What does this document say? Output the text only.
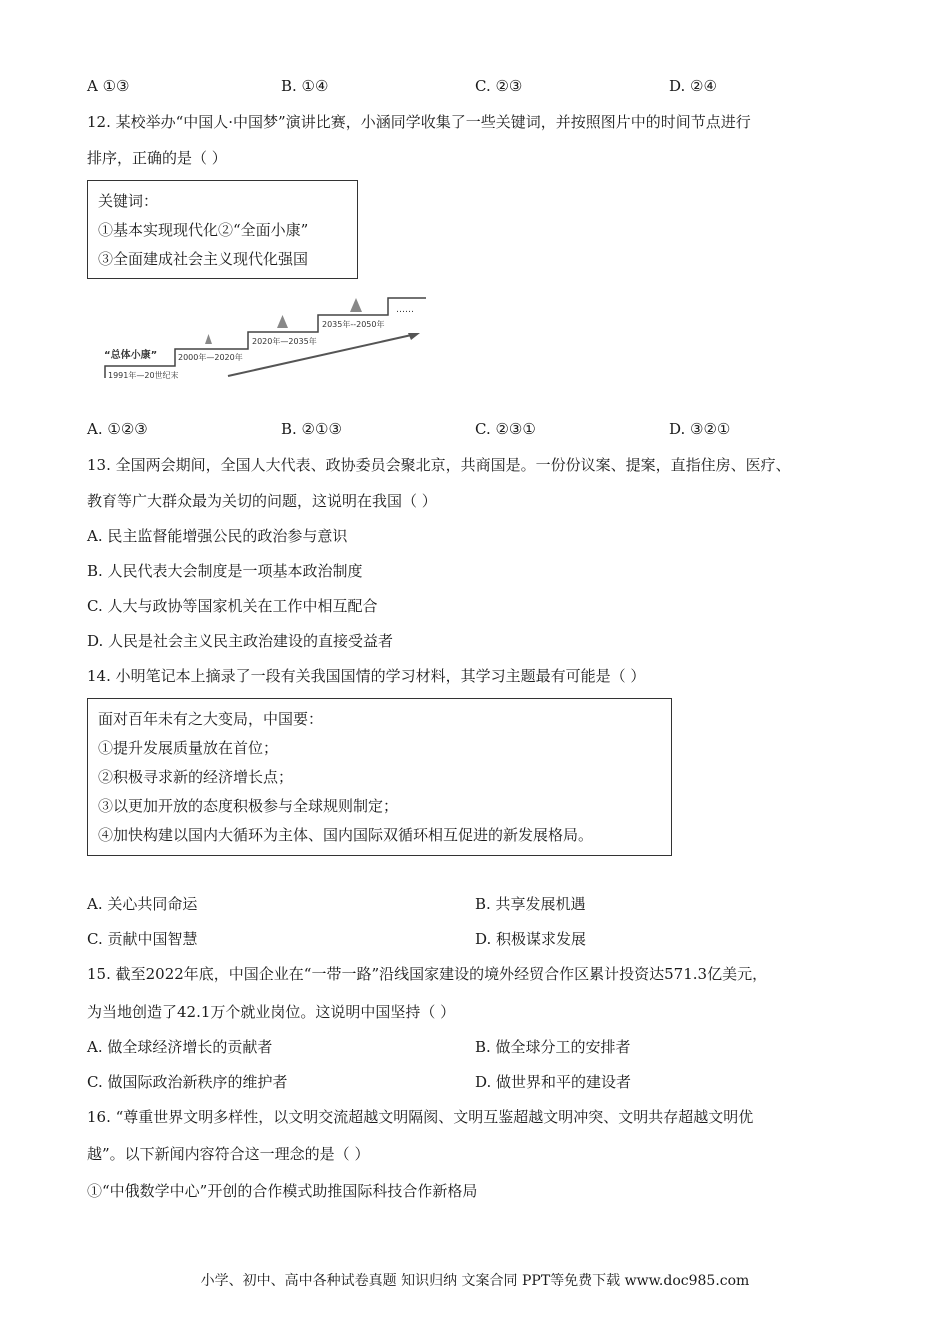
A ①③	B. ①④	C. ②③	D. ②④
12. 某校举办“中国人·中国梦”演讲比赛，小涵同学收集了一些关键词，并按照图片中的时间节点进行
排序，正确的是（ ）
关键词：
①基本实现现代化②“全面小康”
③全面建成社会主义现代化强国
“总体小康”
1991年—20世纪末
2000年—2020年
2020年—2035年
2035年--2050年
……
A. ①②③	B. ②①③	C. ②③①	D. ③②①
13. 全国两会期间，全国人大代表、政协委员会聚北京，共商国是。一份份议案、提案，直指住房、医疗、
教育等广大群众最为关切的问题，这说明在我国（ ）
A. 民主监督能增强公民的政治参与意识
B. 人民代表大会制度是一项基本政治制度
C. 人大与政协等国家机关在工作中相互配合
D. 人民是社会主义民主政治建设的直接受益者
14. 小明笔记本上摘录了一段有关我国国情的学习材料，其学习主题最有可能是（ ）
面对百年未有之大变局，中国要：
①提升发展质量放在首位；
②积极寻求新的经济增长点；
③以更加开放的态度积极参与全球规则制定；
④加快构建以国内大循环为主体、国内国际双循环相互促进的新发展格局。
A. 关心共同命运	B. 共享发展机遇
C. 贡献中国智慧	D. 积极谋求发展
15. 截至2022年底，中国企业在“一带一路”沿线国家建设的境外经贸合作区累计投资达571.3亿美元，
为当地创造了42.1万个就业岗位。这说明中国坚持（ ）
A. 做全球经济增长的贡献者	B. 做全球分工的安排者
C. 做国际政治新秩序的维护者	D. 做世界和平的建设者
16. “尊重世界文明多样性，以文明交流超越文明隔阂、文明互鉴超越文明冲突、文明共存超越文明优
越”。以下新闻内容符合这一理念的是（ ）
①“中俄数学中心”开创的合作模式助推国际科技合作新格局
小学、初中、高中各种试卷真题 知识归纳 文案合同 PPT等免费下载 www.doc985.com
